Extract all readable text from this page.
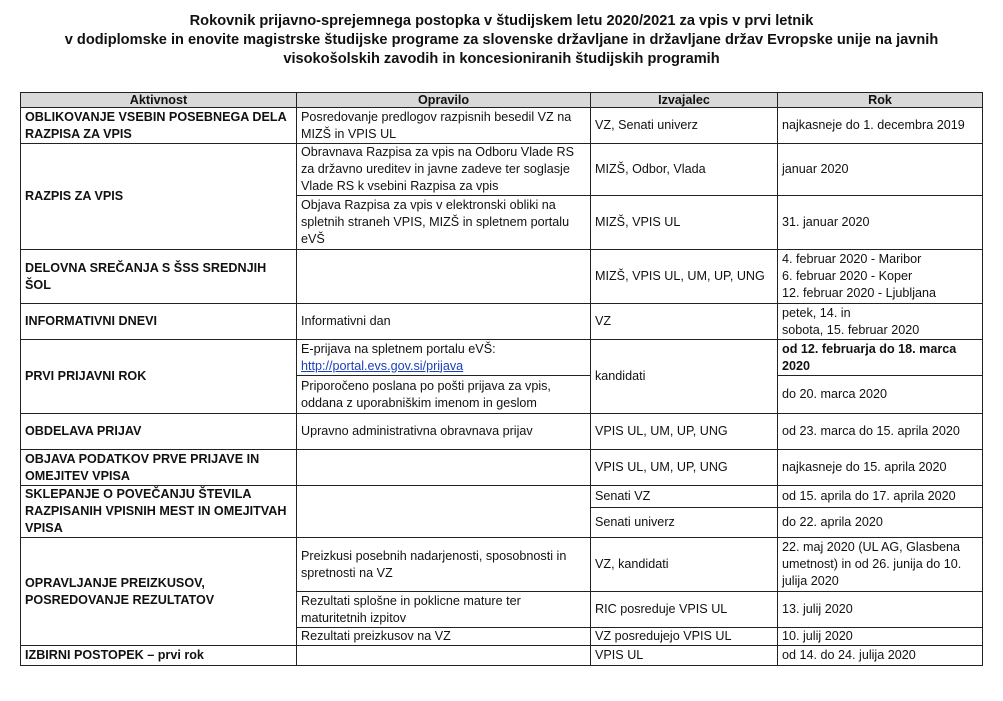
Rokovnik prijavno-sprejemnega postopka v študijskem letu 2020/2021 za vpis v prvi letnik
v dodiplomske in enovite magistrske študijske programe za slovenske državljane in državljane držav Evropske unije na javnih
visokošolskih zavodih in koncesioniranih študijskih programih
Aktivnost	Opravilo	Izvajalec	Rok
OBLIKOVANJE VSEBIN POSEBNEGA DELA RAZPISA ZA VPIS	Posredovanje predlogov razpisnih besedil VZ na MIZŠ in VPIS UL	VZ, Senati univerz	najkasneje do 1. decembra 2019
RAZPIS ZA VPIS	Obravnava Razpisa za vpis na Odboru Vlade RS za državno ureditev in javne zadeve ter soglasje Vlade RS k vsebini Razpisa za vpis	MIZŠ, Odbor, Vlada	januar 2020
	Objava Razpisa za vpis v elektronski obliki na spletnih straneh VPIS, MIZŠ in spletnem portalu eVŠ	MIZŠ, VPIS UL	31. januar 2020
DELOVNA SREČANJA S ŠSS SREDNJIH ŠOL		MIZŠ, VPIS UL, UM, UP, UNG	4. februar 2020 - Maribor
6. februar 2020 - Koper
12. februar 2020 - Ljubljana

INFORMATIVNI DNEVI	Informativni dan	VZ	petek, 14. in
sobota, 15. februar 2020

PRVI PRIJAVNI ROK	E-prijava na spletnem portalu eVŠ:
http://portal.evs.gov.si/prijava	kandidati	od 12. februarja do 18. marca 2020
	Priporočeno poslana po pošti prijava za vpis, oddana z uporabniškim imenom in geslom		do 20. marca 2020
OBDELAVA PRIJAV	Upravno administrativna obravnava prijav	VPIS UL, UM, UP, UNG	od 23. marca do 15. aprila 2020
OBJAVA PODATKOV PRVE PRIJAVE IN OMEJITEV VPISA		VPIS UL, UM, UP, UNG	najkasneje do 15. aprila 2020
SKLEPANJE O POVEČANJU ŠTEVILA RAZPISANIH VPISNIH MEST IN OMEJITVAH VPISA		Senati VZ	od 15. aprila do 17. aprila 2020
		Senati univerz	do 22. aprila 2020
OPRAVLJANJE PREIZKUSOV, POSREDOVANJE REZULTATOV	Preizkusi posebnih nadarjenosti, sposobnosti in spretnosti na VZ	VZ, kandidati	22. maj 2020 (UL AG, Glasbena umetnost) in od 26. junija do 10. julija 2020
	Rezultati splošne in poklicne mature ter maturitetnih izpitov	RIC posreduje VPIS UL	13. julij 2020
	Rezultati preizkusov na VZ	VZ posredujejo VPIS UL	10. julij 2020
IZBIRNI POSTOPEK – prvi rok		VPIS UL	od 14. do 24. julija 2020
